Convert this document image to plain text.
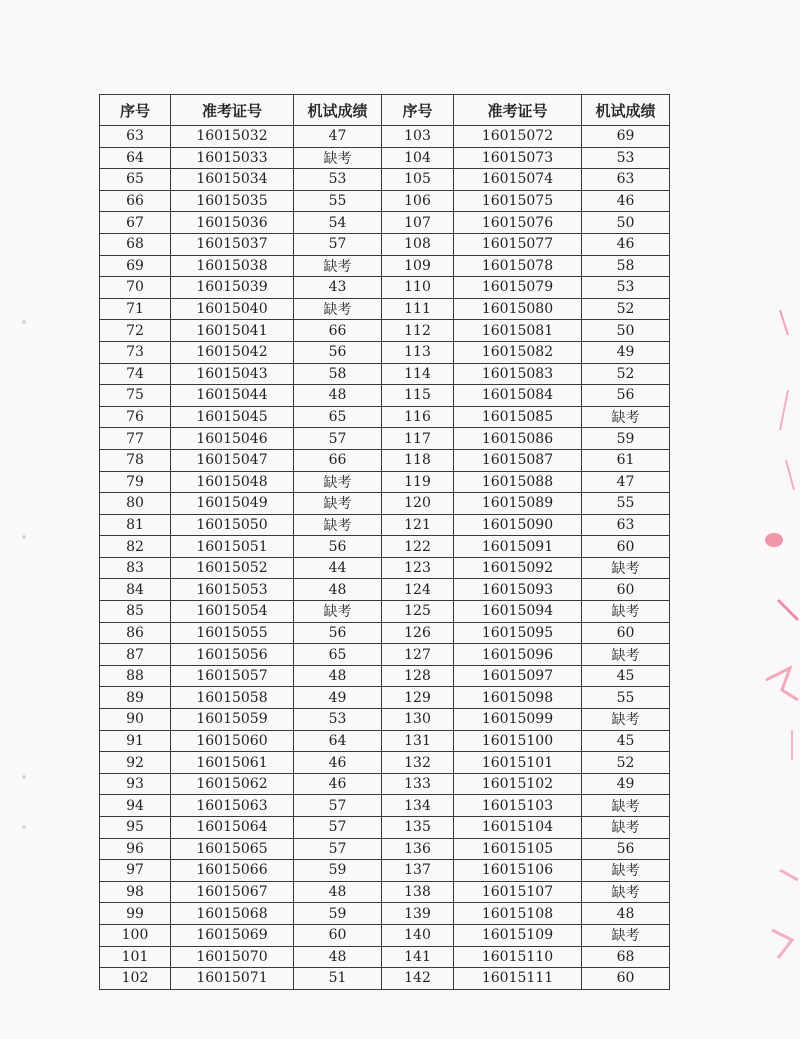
序号	准考证号	机试成绩	序号	准考证号	机试成绩
63	16015032	47	103	16015072	69
64	16015033	缺考	104	16015073	53
65	16015034	53	105	16015074	63
66	16015035	55	106	16015075	46
67	16015036	54	107	16015076	50
68	16015037	57	108	16015077	46
69	16015038	缺考	109	16015078	58
70	16015039	43	110	16015079	53
71	16015040	缺考	111	16015080	52
72	16015041	66	112	16015081	50
73	16015042	56	113	16015082	49
74	16015043	58	114	16015083	52
75	16015044	48	115	16015084	56
76	16015045	65	116	16015085	缺考
77	16015046	57	117	16015086	59
78	16015047	66	118	16015087	61
79	16015048	缺考	119	16015088	47
80	16015049	缺考	120	16015089	55
81	16015050	缺考	121	16015090	63
82	16015051	56	122	16015091	60
83	16015052	44	123	16015092	缺考
84	16015053	48	124	16015093	60
85	16015054	缺考	125	16015094	缺考
86	16015055	56	126	16015095	60
87	16015056	65	127	16015096	缺考
88	16015057	48	128	16015097	45
89	16015058	49	129	16015098	55
90	16015059	53	130	16015099	缺考
91	16015060	64	131	16015100	45
92	16015061	46	132	16015101	52
93	16015062	46	133	16015102	49
94	16015063	57	134	16015103	缺考
95	16015064	57	135	16015104	缺考
96	16015065	57	136	16015105	56
97	16015066	59	137	16015106	缺考
98	16015067	48	138	16015107	缺考
99	16015068	59	139	16015108	48
100	16015069	60	140	16015109	缺考
101	16015070	48	141	16015110	68
102	16015071	51	142	16015111	60
